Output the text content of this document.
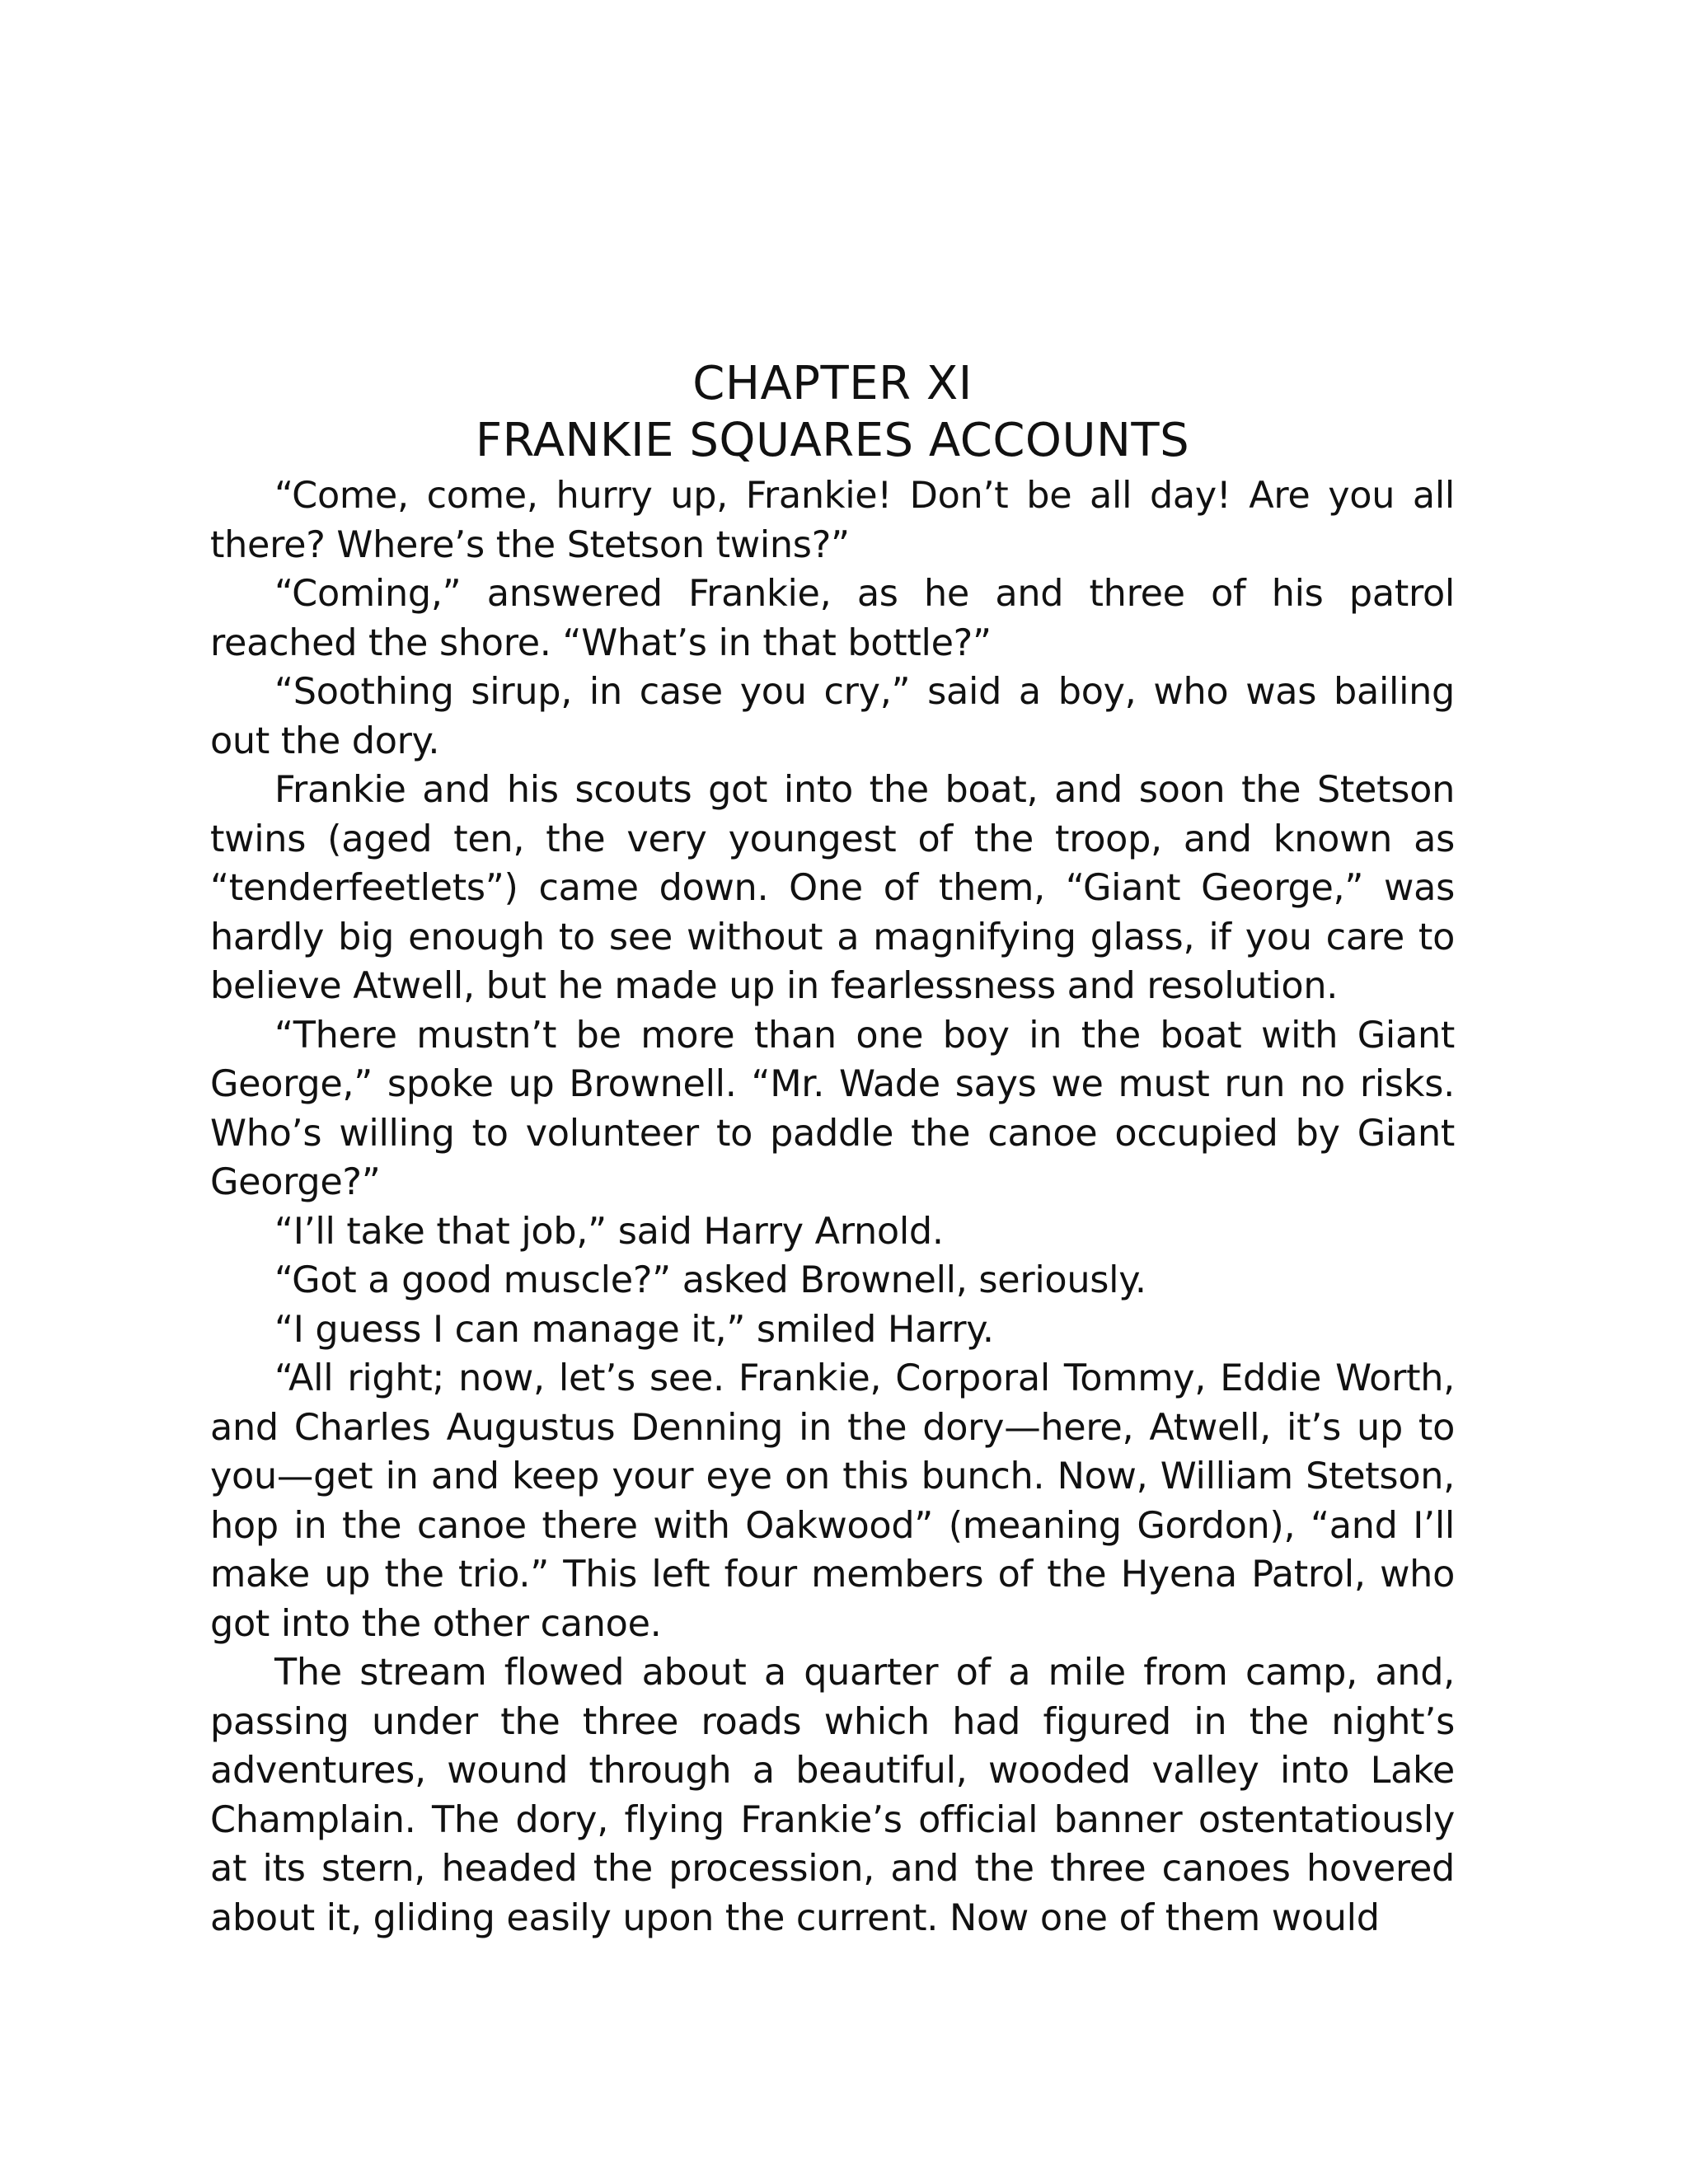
CHAPTER XI
FRANKIE SQUARES ACCOUNTS

“Come, come, hurry up, Frankie! Don’t be all day! Are you all there? Where’s the Stetson twins?”

“Coming,” answered Frankie, as he and three of his patrol reached the shore. “What’s in that bottle?”

“Soothing sirup, in case you cry,” said a boy, who was bailing out the dory.

Frankie and his scouts got into the boat, and soon the Stetson twins (aged ten, the very youngest of the troop, and known as “tenderfeetlets”) came down. One of them, “Giant George,” was hardly big enough to see without a magnifying glass, if you care to believe Atwell, but he made up in fearlessness and resolution.

“There mustn’t be more than one boy in the boat with Giant George,” spoke up Brownell. “Mr. Wade says we must run no risks. Who’s willing to volunteer to paddle the canoe occupied by Giant George?”

“I’ll take that job,” said Harry Arnold.

“Got a good muscle?” asked Brownell, seriously.

“I guess I can manage it,” smiled Harry.

“All right; now, let’s see. Frankie, Corporal Tommy, Eddie Worth, and Charles Augustus Denning in the dory—here, Atwell, it’s up to you—get in and keep your eye on this bunch. Now, William Stetson, hop in the canoe there with Oakwood” (meaning Gordon), “and I’ll make up the trio.” This left four members of the Hyena Patrol, who got into the other canoe.

The stream flowed about a quarter of a mile from camp, and, passing under the three roads which had figured in the night’s adventures, wound through a beautiful, wooded valley into Lake Champlain. The dory, flying Frankie’s official banner ostentatiously at its stern, headed the procession, and the three canoes hovered about it, gliding easily upon the current. Now one of them would
